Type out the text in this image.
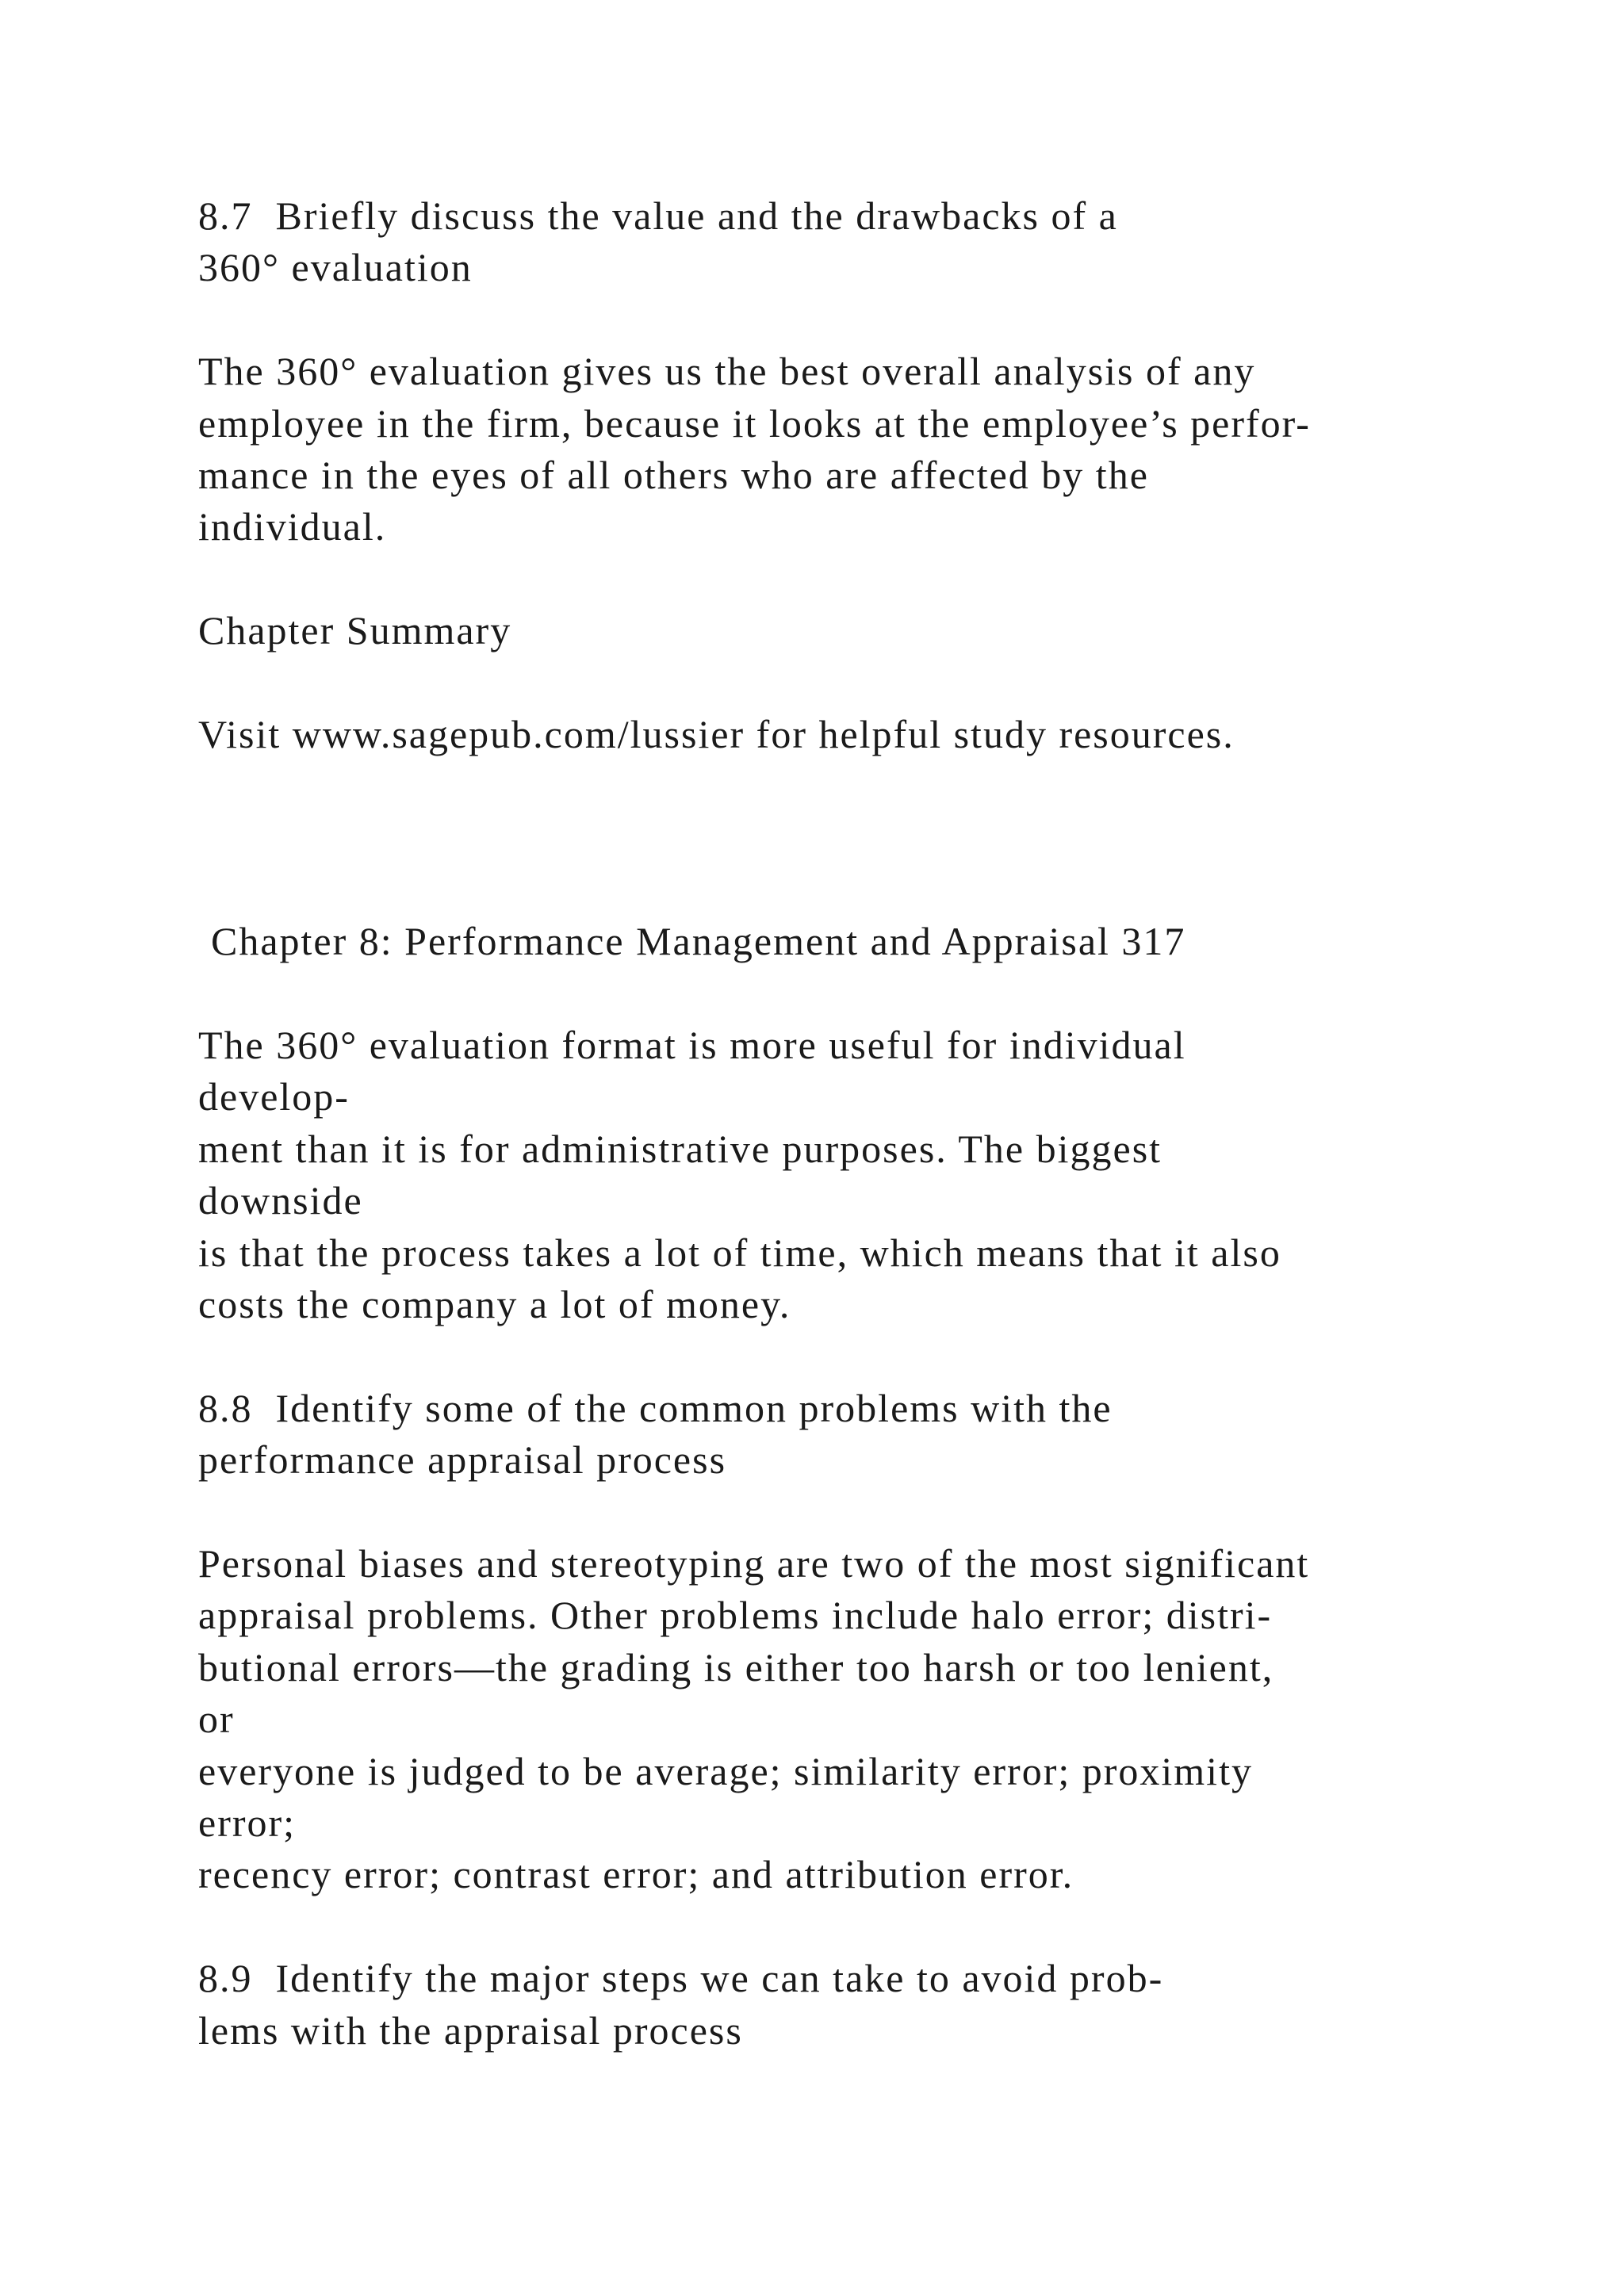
8.7  Briefly discuss the value and the drawbacks of a
360° evaluation
The 360° evaluation gives us the best overall analysis of any
employee in the firm, because it looks at the employee’s perfor-
mance in the eyes of all others who are affected by the
individual.
Chapter Summary
Visit www.sagepub.com/lussier for helpful study resources.
Chapter 8: Performance Management and Appraisal 317
The 360° evaluation format is more useful for individual
develop-
ment than it is for administrative purposes. The biggest
downside
is that the process takes a lot of time, which means that it also
costs the company a lot of money.
8.8  Identify some of the common problems with the
performance appraisal process
Personal biases and stereotyping are two of the most significant
appraisal problems. Other problems include halo error; distri-
butional errors—the grading is either too harsh or too lenient,
or
everyone is judged to be average; similarity error; proximity
error;
recency error; contrast error; and attribution error.
8.9  Identify the major steps we can take to avoid prob-
lems with the appraisal process
